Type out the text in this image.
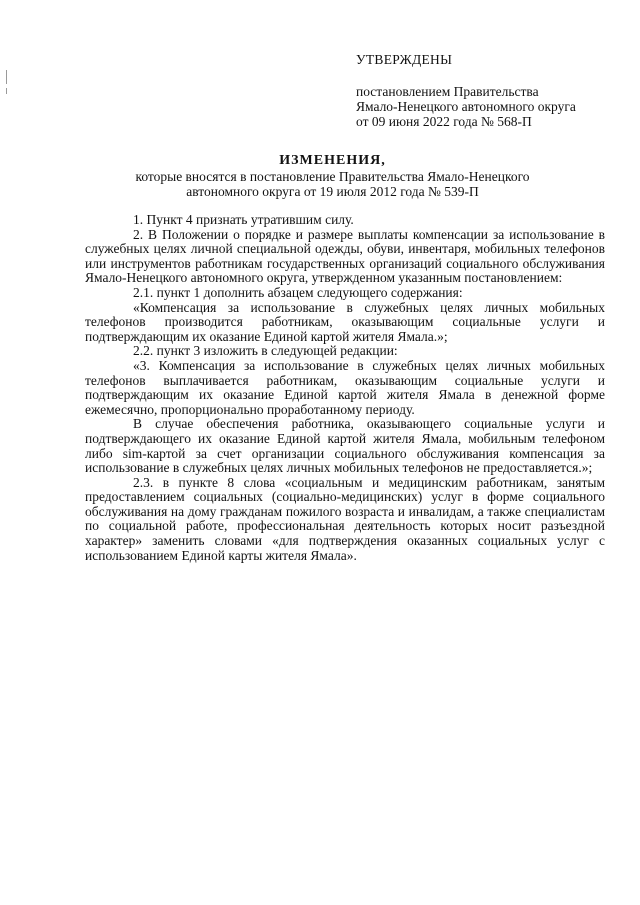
УТВЕРЖДЕНЫ
постановлением Правительства
Ямало-Ненецкого автономного округа
от 09 июня 2022 года № 568-П
ИЗМЕНЕНИЯ,
которые вносятся в постановление Правительства Ямало-Ненецкого
автономного округа от 19 июля 2012 года № 539-П

1. Пункт 4 признать утратившим силу.

2. В Положении о порядке и размере выплаты компенсации за использование в служебных целях личной специальной одежды, обуви, инвентаря, мобильных телефонов или инструментов работникам государственных организаций социального обслуживания Ямало-Ненецкого автономного округа, утвержденном указанным постановлением:

2.1. пункт 1 дополнить абзацем следующего содержания:

«Компенсация за использование в служебных целях личных мобильных телефонов производится работникам, оказывающим социальные услуги и подтверждающим их оказание Единой картой жителя Ямала.»;

2.2. пункт 3 изложить в следующей редакции:

«3. Компенсация за использование в служебных целях личных мобильных телефонов выплачивается работникам, оказывающим социальные услуги и подтверждающим их оказание Единой картой жителя Ямала в денежной форме ежемесячно, пропорционально проработанному периоду.

В случае обеспечения работника, оказывающего социальные услуги и подтверждающего их оказание Единой картой жителя Ямала, мобильным телефоном либо sim-картой за счет организации социального обслуживания компенсация за использование в служебных целях личных мобильных телефонов не предоставляется.»;

2.3. в пункте 8 слова «социальным и медицинским работникам, занятым предоставлением социальных (социально-медицинских) услуг в форме социального обслуживания на дому гражданам пожилого возраста и инвалидам, а также специалистам по социальной работе, профессиональная деятельность которых носит разъездной характер» заменить словами «для подтверждения оказанных социальных услуг с использованием Единой карты жителя Ямала».
